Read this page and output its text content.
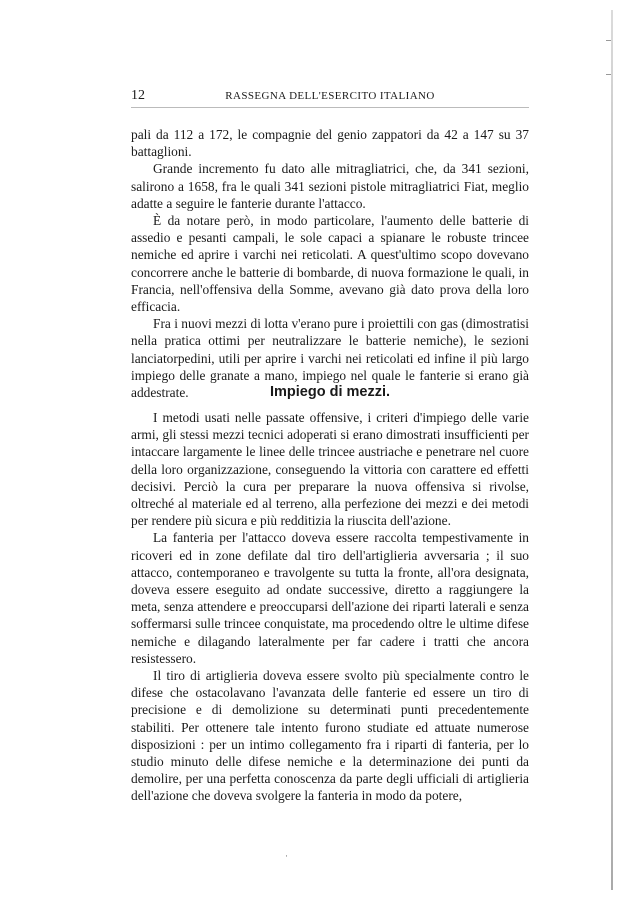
12	RASSEGNA DELL'ESERCITO ITALIANO

pali da 112 a 172, le compagnie del genio zappatori da 42 a 147 su 37 battaglioni.

Grande incremento fu dato alle mitragliatrici, che, da 341 sezioni, salirono a 1658, fra le quali 341 sezioni pistole mitragliatrici Fiat, meglio adatte a seguire le fanterie durante l'attacco.

È da notare però, in modo particolare, l'aumento delle batterie di assedio e pesanti campali, le sole capaci a spianare le robuste trincee nemiche ed aprire i varchi nei reticolati. A quest'ultimo scopo dovevano concorrere anche le batterie di bombarde, di nuova formazione le quali, in Francia, nell'offensiva della Somme, avevano già dato prova della loro efficacia.

Fra i nuovi mezzi di lotta v'erano pure i proiettili con gas (dimostratisi nella pratica ottimi per neutralizzare le batterie nemiche), le sezioni lanciatorpedini, utili per aprire i varchi nei reticolati ed infine il più largo impiego delle granate a mano, impiego nel quale le fanterie si erano già addestrate.	Impiego di mezzi.

I metodi usati nelle passate offensive, i criteri d'impiego delle varie armi, gli stessi mezzi tecnici adoperati si erano dimostrati insufficienti per intaccare largamente le linee delle trincee austriache e penetrare nel cuore della loro organizzazione, conseguendo la vittoria con carattere ed effetti decisivi. Perciò la cura per preparare la nuova offensiva si rivolse, oltreché al materiale ed al terreno, alla perfezione dei mezzi e dei metodi per rendere più sicura e più redditizia la riuscita dell'azione.

La fanteria per l'attacco doveva essere raccolta tempestivamente in ricoveri ed in zone defilate dal tiro dell'artiglieria avversaria ; il suo attacco, contemporaneo e travolgente su tutta la fronte, all'ora designata, doveva essere eseguito ad ondate successive, diretto a raggiungere la meta, senza attendere e preoccuparsi dell'azione dei riparti laterali e senza soffermarsi sulle trincee conquistate, ma procedendo oltre le ultime difese nemiche e dilagando lateralmente per far cadere i tratti che ancora resistessero.

Il tiro di artiglieria doveva essere svolto più specialmente contro le difese che ostacolavano l'avanzata delle fanterie ed essere un tiro di precisione e di demolizione su determinati punti precedentemente stabiliti. Per ottenere tale intento furono studiate ed attuate numerose disposizioni : per un intimo collegamento fra i riparti di fanteria, per lo studio minuto delle difese nemiche e la determinazione dei punti da demolire, per una perfetta conoscenza da parte degli ufficiali di artiglieria dell'azione che doveva svolgere la fanteria in modo da potere,

·
